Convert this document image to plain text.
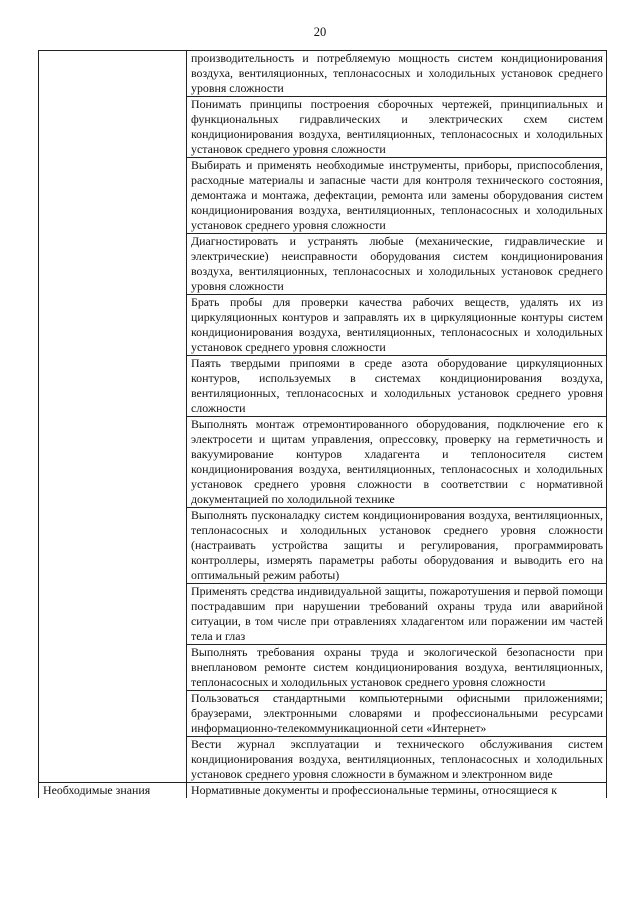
20

	производительность и потребляемую мощность систем кондиционирования воздуха, вентиляционных, теплонасосных и холодильных установок среднего уровня сложности

	Понимать принципы построения сборочных чертежей, принципиальных и функциональных гидравлических и электрических схем систем кондиционирования воздуха, вентиляционных, теплонасосных и холодильных установок среднего уровня сложности

	Выбирать и применять необходимые инструменты, приборы, приспособления, расходные материалы и запасные части для контроля технического состояния, демонтажа и монтажа, дефектации, ремонта или замены оборудования систем кондиционирования воздуха, вентиляционных, теплонасосных и холодильных установок среднего уровня сложности

	Диагностировать и устранять любые (механические, гидравлические и электрические) неисправности оборудования систем кондиционирования воздуха, вентиляционных, теплонасосных и холодильных установок среднего уровня сложности

	Брать пробы для проверки качества рабочих веществ, удалять их из циркуляционных контуров и заправлять их в циркуляционные контуры систем кондиционирования воздуха, вентиляционных, теплонасосных и холодильных установок среднего уровня сложности

	Паять твердыми припоями в среде азота оборудование циркуляционных контуров, используемых в системах кондиционирования воздуха, вентиляционных, теплонасосных и холодильных установок среднего уровня сложности

	Выполнять монтаж отремонтированного оборудования, подключение его к электросети и щитам управления, опрессовку, проверку на герметичность и вакуумирование контуров хладагента и теплоносителя систем кондиционирования воздуха, вентиляционных, теплонасосных и холодильных установок среднего уровня сложности в соответствии с нормативной документацией по холодильной технике

	Выполнять пусконаладку систем кондиционирования воздуха, вентиляционных, теплонасосных и холодильных установок среднего уровня сложности (настраивать устройства защиты и регулирования, программировать контроллеры, измерять параметры работы оборудования и выводить его на оптимальный режим работы)

	Применять средства индивидуальной защиты, пожаротушения и первой помощи пострадавшим при нарушении требований охраны труда или аварийной ситуации, в том числе при отравлениях хладагентом или поражении им частей тела и глаз

	Выполнять требования охраны труда и экологической безопасности при внеплановом ремонте систем кондиционирования воздуха, вентиляционных, теплонасосных и холодильных установок среднего уровня сложности

	Пользоваться стандартными компьютерными офисными приложениями; браузерами, электронными словарями и профессиональными ресурсами информационно-телекоммуникационной сети «Интернет»

	Вести журнал эксплуатации и технического обслуживания систем кондиционирования воздуха, вентиляционных, теплонасосных и холодильных установок среднего уровня сложности в бумажном и электронном виде

Необходимые знания	Нормативные документы и профессиональные термины, относящиеся к
